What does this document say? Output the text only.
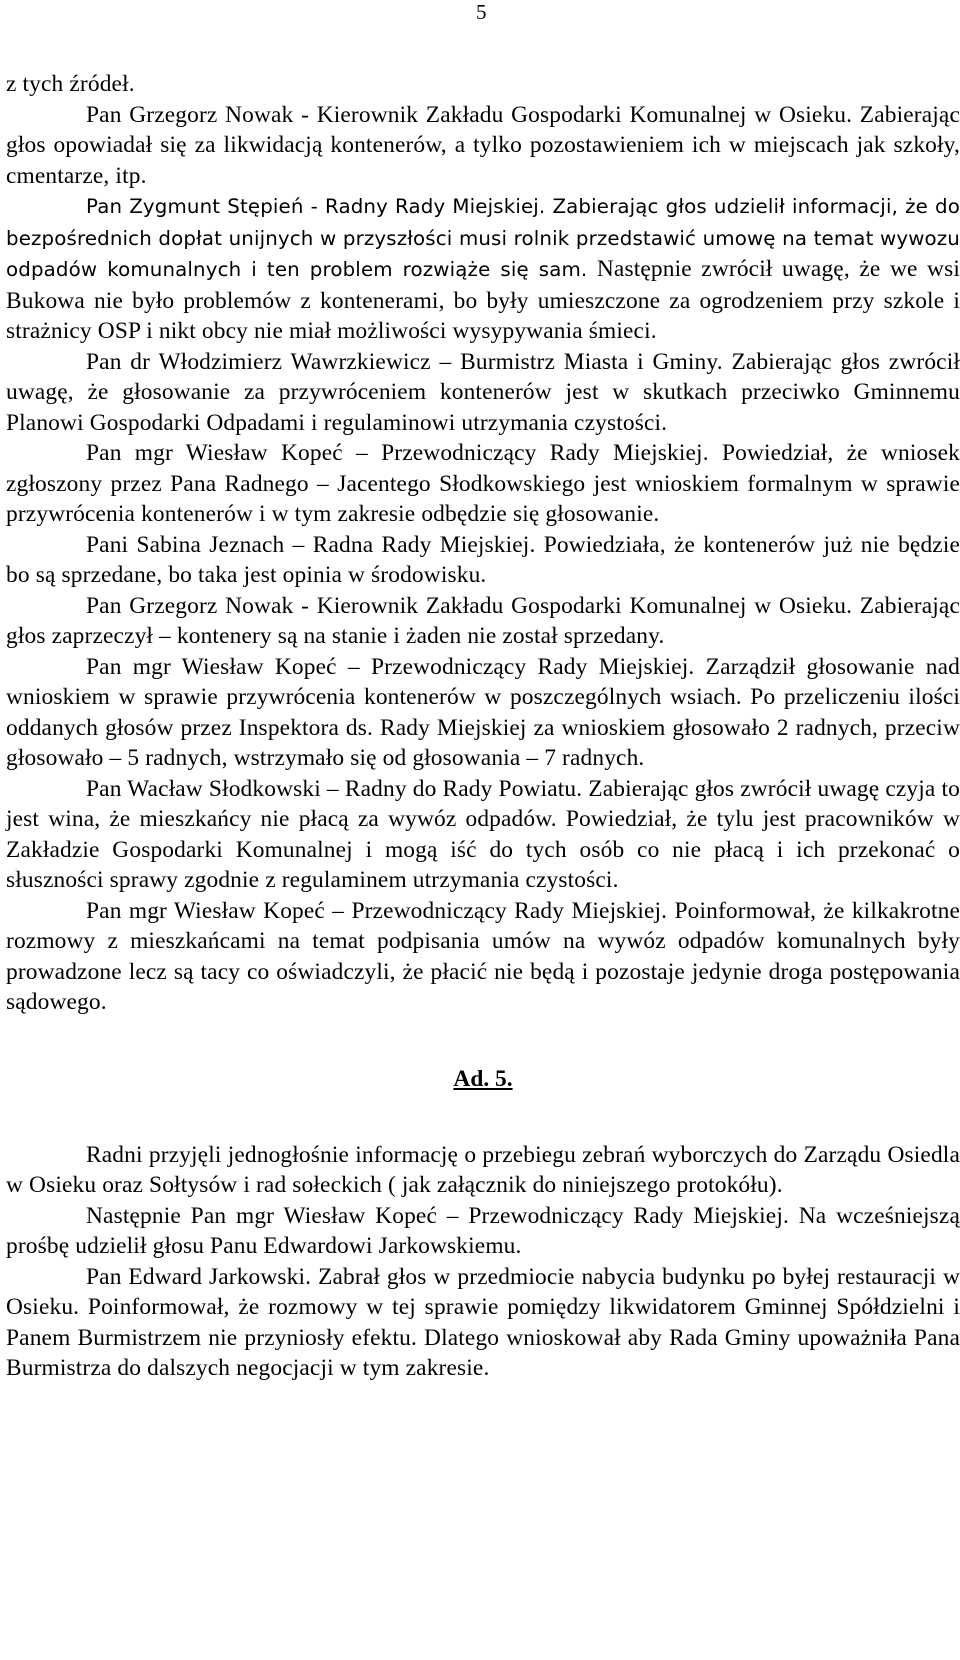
5

z tych źródeł.

Pan Grzegorz Nowak - Kierownik Zakładu Gospodarki Komunalnej w Osieku. Zabierając głos opowiadał się za likwidacją kontenerów, a tylko pozostawieniem ich w miejscach jak szkoły, cmentarze, itp.

Pan Zygmunt Stępień - Radny Rady Miejskiej. Zabierając głos udzielił informacji, że do bezpośrednich dopłat unijnych w przyszłości musi rolnik przedstawić umowę na temat wywozu odpadów komunalnych i ten problem rozwiąże się sam. Następnie zwrócił uwagę, że we wsi Bukowa nie było problemów z kontenerami, bo były umieszczone za ogrodzeniem przy szkole i strażnicy OSP i nikt obcy nie miał możliwości wysypywania śmieci.

Pan dr Włodzimierz Wawrzkiewicz – Burmistrz Miasta i Gminy. Zabierając głos zwrócił uwagę, że głosowanie za przywróceniem kontenerów jest w skutkach przeciwko Gminnemu Planowi Gospodarki Odpadami i regulaminowi utrzymania czystości.

Pan mgr Wiesław Kopeć – Przewodniczący Rady Miejskiej. Powiedział, że wniosek zgłoszony przez Pana Radnego – Jacentego Słodkowskiego jest wnioskiem formalnym w sprawie przywrócenia kontenerów i w tym zakresie odbędzie się głosowanie.

Pani Sabina Jeznach – Radna Rady Miejskiej. Powiedziała, że kontenerów już nie będzie bo są sprzedane, bo taka jest opinia w środowisku.

Pan Grzegorz Nowak - Kierownik Zakładu Gospodarki Komunalnej w Osieku. Zabierając głos zaprzeczył – kontenery są na stanie i żaden nie został sprzedany.

Pan mgr Wiesław Kopeć – Przewodniczący Rady Miejskiej. Zarządził głosowanie nad wnioskiem w sprawie przywrócenia kontenerów w poszczególnych wsiach. Po przeliczeniu ilości oddanych głosów przez Inspektora ds. Rady Miejskiej za wnioskiem głosowało 2 radnych, przeciw głosowało – 5 radnych, wstrzymało się od głosowania – 7 radnych.

Pan Wacław Słodkowski – Radny do Rady Powiatu. Zabierając głos zwrócił uwagę czyja to jest wina, że mieszkańcy nie płacą za wywóz odpadów. Powiedział, że tylu jest pracowników w Zakładzie Gospodarki Komunalnej i mogą iść do tych osób co nie płacą i ich przekonać o słuszności sprawy zgodnie z regulaminem utrzymania czystości.

Pan mgr Wiesław Kopeć – Przewodniczący Rady Miejskiej. Poinformował, że kilkakrotne rozmowy z mieszkańcami na temat podpisania umów na wywóz odpadów komunalnych były prowadzone lecz są tacy co oświadczyli, że płacić nie będą i pozostaje jedynie droga postępowania sądowego.

Ad. 5.

Radni przyjęli jednogłośnie informację o przebiegu zebrań wyborczych do Zarządu Osiedla w Osieku oraz Sołtysów i rad sołeckich ( jak załącznik do niniejszego protokółu).

Następnie Pan mgr Wiesław Kopeć – Przewodniczący Rady Miejskiej. Na wcześniejszą prośbę udzielił głosu Panu Edwardowi Jarkowskiemu.

Pan Edward Jarkowski. Zabrał głos w przedmiocie nabycia budynku po byłej restauracji w Osieku. Poinformował, że rozmowy w tej sprawie pomiędzy likwidatorem Gminnej Spółdzielni i Panem Burmistrzem nie przyniosły efektu. Dlatego wnioskował aby Rada Gminy upoważniła Pana Burmistrza do dalszych negocjacji w tym zakresie.
